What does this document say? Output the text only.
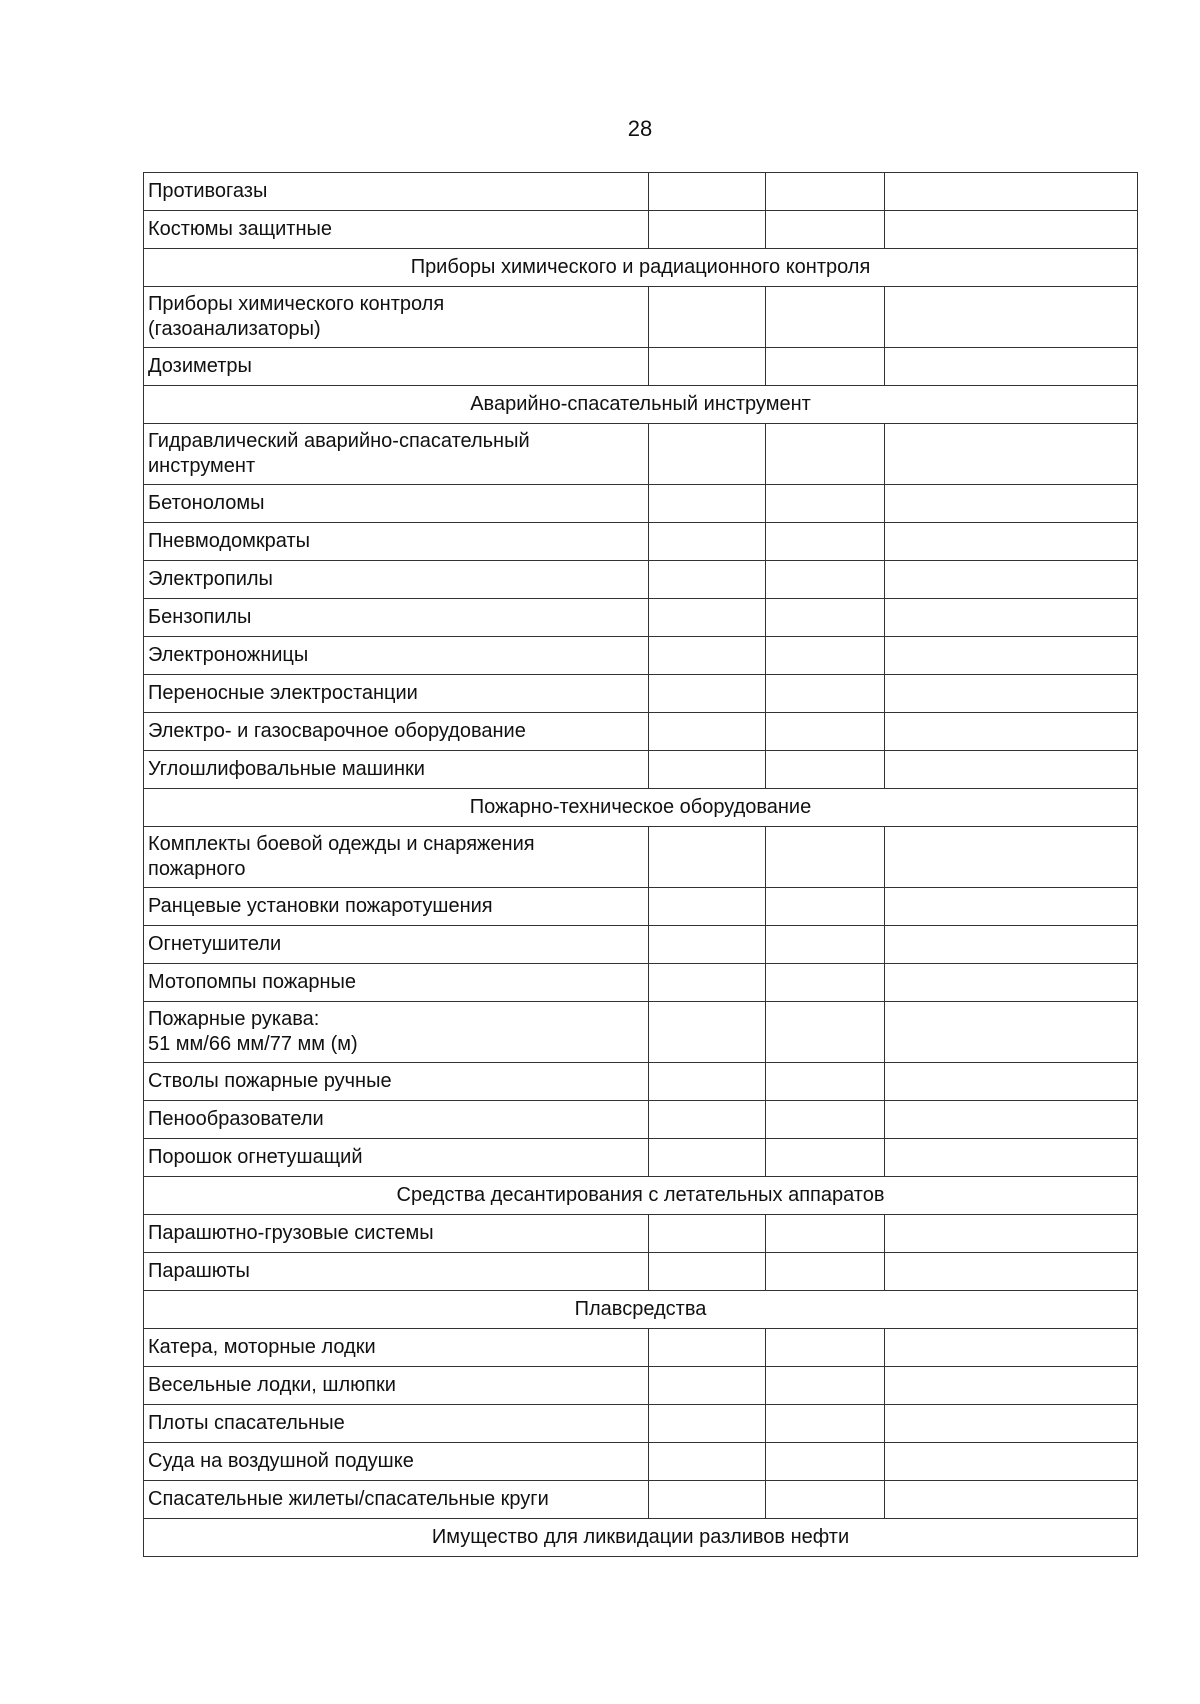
28
Противогазы			
Костюмы защитные			
Приборы химического и радиационного контроля			
Приборы химического контроля
(газоанализаторы)			
Дозиметры			
Аварийно-спасательный инструмент			
Гидравлический аварийно-спасательный
инструмент			
Бетоноломы			
Пневмодомкраты			
Электропилы			
Бензопилы			
Электроножницы			
Переносные электростанции			
Электро- и газосварочное оборудование			
Углошлифовальные машинки			
Пожарно-техническое оборудование			
Комплекты боевой одежды и снаряжения
пожарного			
Ранцевые установки пожаротушения			
Огнетушители			
Мотопомпы пожарные			
Пожарные рукава:
51 мм/66 мм/77 мм (м)			
Стволы пожарные ручные			
Пенообразователи			
Порошок огнетушащий			
Средства десантирования с летательных аппаратов			
Парашютно-грузовые системы			
Парашюты			
Плавсредства			
Катера, моторные лодки			
Весельные лодки, шлюпки			
Плоты спасательные			
Суда на воздушной подушке			
Спасательные жилеты/спасательные круги			
Имущество для ликвидации разливов нефти			
